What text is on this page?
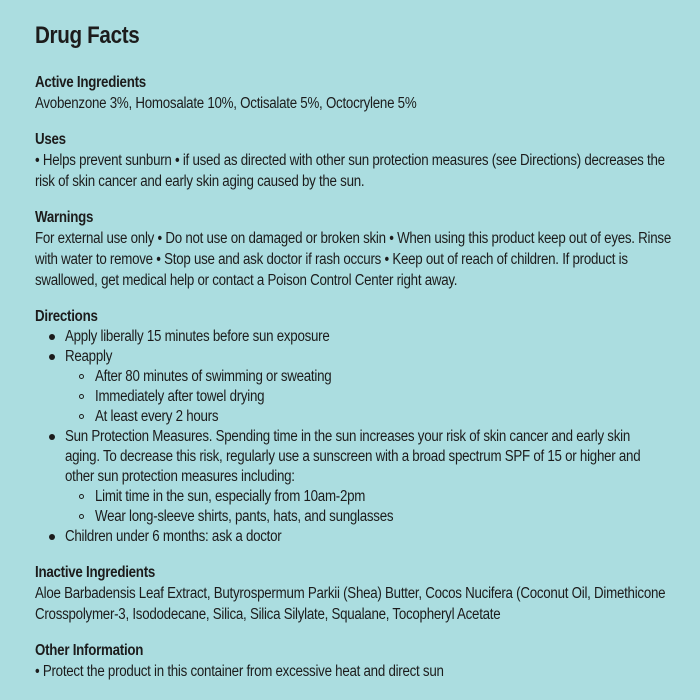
Drug Facts
Active Ingredients
Avobenzone 3%, Homosalate 10%, Octisalate 5%, Octocrylene 5%
Uses
• Helps prevent sunburn • if used as directed with other sun protection measures (see Directions) decreases the risk of skin cancer and early skin aging caused by the sun.
Warnings
For external use only • Do not use on damaged or broken skin • When using this product keep out of eyes. Rinse with water to remove • Stop use and ask doctor if rash occurs • Keep out of reach of children. If product is swallowed, get medical help or contact a Poison Control Center right away.
Directions
Apply liberally 15 minutes before sun exposure
Reapply
After 80 minutes of swimming or sweating
Immediately after towel drying
At least every 2 hours
Sun Protection Measures. Spending time in the sun increases your risk of skin cancer and early skin aging. To decrease this risk, regularly use a sunscreen with a broad spectrum SPF of 15 or higher and other sun protection measures including:
Limit time in the sun, especially from 10am-2pm
Wear long-sleeve shirts, pants, hats, and sunglasses
Children under 6 months: ask a doctor
Inactive Ingredients
Aloe Barbadensis Leaf Extract, Butyrospermum Parkii (Shea) Butter, Cocos Nucifera (Coconut Oil, Dimethicone Crosspolymer-3, Isododecane, Silica, Silica Silylate, Squalane, Tocopheryl Acetate
Other Information
• Protect the product in this container from excessive heat and direct sun
